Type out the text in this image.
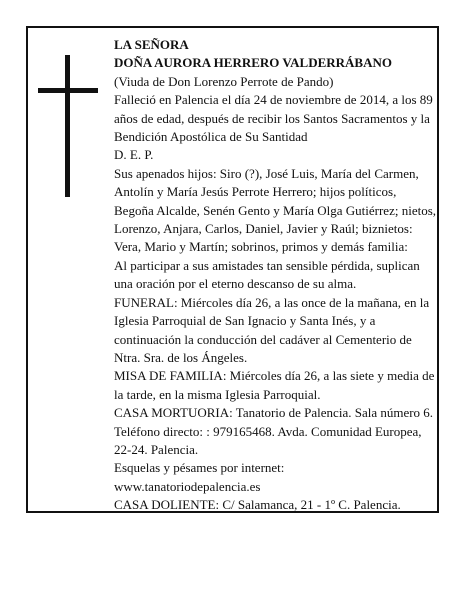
LA SEÑORA

DOÑA AURORA HERRERO VALDERRÁBANO

(Viuda de Don Lorenzo Perrote de Pando)

Falleció en Palencia el día 24 de noviembre de 2014, a los 89 años de edad, después de recibir los Santos Sacramentos y la Bendición Apostólica de Su Santidad

D. E. P.

Sus apenados hijos: Siro (?), José Luis, María del Carmen, Antolín y María Jesús Perrote Herrero; hijos políticos, Begoña Alcalde, Senén Gento y María Olga Gutiérrez; nietos, Lorenzo, Anjara, Carlos, Daniel, Javier y Raúl; biznietos: Vera, Mario y Martín; sobrinos, primos y demás familia:

Al participar a sus amistades tan sensible pérdida, suplican una oración por el eterno descanso de su alma.

FUNERAL: Miércoles día 26, a las once de la mañana, en la Iglesia Parroquial de San Ignacio y Santa Inés, y a continuación la conducción del cadáver al Cementerio de Ntra. Sra. de los Ángeles.

MISA DE FAMILIA: Miércoles día 26, a las siete y media de la tarde, en la misma Iglesia Parroquial.

CASA MORTUORIA: Tanatorio de Palencia. Sala número 6. Teléfono directo: : 979165468. Avda. Comunidad Europea, 22-24. Palencia.

Esquelas y pésames por internet:

www.tanatoriodepalencia.es

CASA DOLIENTE: C/ Salamanca, 21 - 1º C. Palencia.
